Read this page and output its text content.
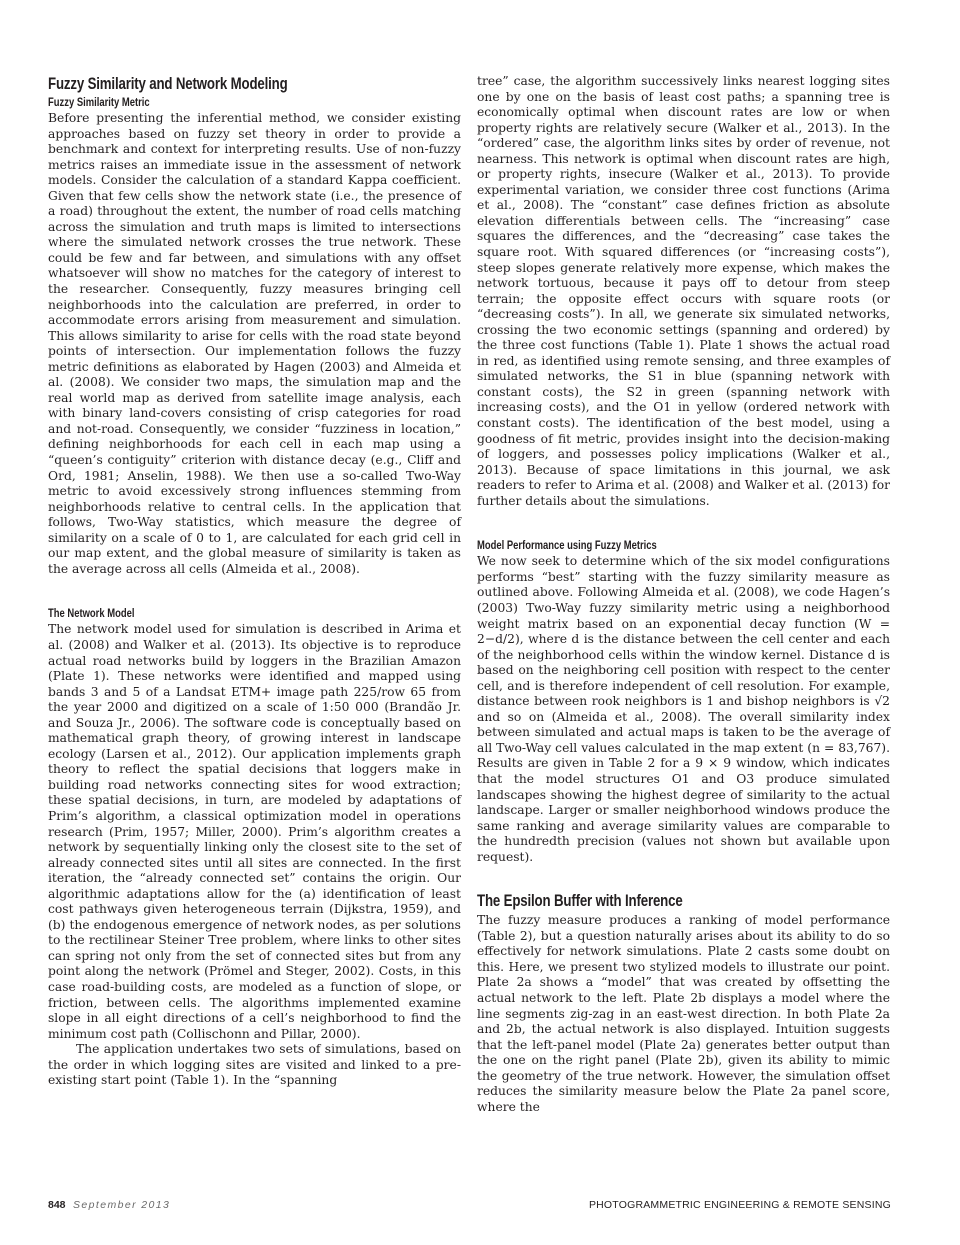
Fuzzy Similarity and Network Modeling
Fuzzy Similarity Metric

Before presenting the inferential method, we consider existing approaches based on fuzzy set theory in order to provide a benchmark and context for interpreting results. Use of non-fuzzy metrics raises an immediate issue in the assessment of network models. Consider the calculation of a standard Kappa coefficient. Given that few cells show the network state (i.e., the presence of a road) throughout the extent, the number of road cells matching across the simulation and truth maps is limited to intersections where the simulated network crosses the true network. These could be few and far between, and simulations with any offset whatsoever will show no matches for the category of interest to the researcher. Consequently, fuzzy measures bringing cell neighborhoods into the calculation are preferred, in order to accommodate errors arising from measurement and simulation. This allows similarity to arise for cells with the road state beyond points of intersection. Our implementation follows the fuzzy metric definitions as elaborated by Hagen (2003) and Almeida et al. (2008). We consider two maps, the simulation map and the real world map as derived from satellite image analysis, each with binary land-covers consisting of crisp categories for road and not-road. Consequently, we consider “fuzziness in location,” defining neighborhoods for each cell in each map using a “queen’s contiguity” criterion with distance decay (e.g., Cliff and Ord, 1981; Anselin, 1988). We then use a so-called Two-Way metric to avoid excessively strong influences stemming from neighborhoods relative to central cells. In the application that follows, Two-Way statistics, which measure the degree of similarity on a scale of 0 to 1, are calculated for each grid cell in our map extent, and the global measure of similarity is taken as the average across all cells (Almeida et al., 2008).

The Network Model

The network model used for simulation is described in Arima et al. (2008) and Walker et al. (2013). Its objective is to reproduce actual road networks build by loggers in the Brazilian Amazon (Plate 1). These networks were identified and mapped using bands 3 and 5 of a Landsat ETM+ image path 225/row 65 from the year 2000 and digitized on a scale of 1:50 000 (Brandão Jr. and Souza Jr., 2006). The software code is conceptually based on mathematical graph theory, of growing interest in landscape ecology (Larsen et al., 2012). Our application implements graph theory to reflect the spatial decisions that loggers make in building road networks connecting sites for wood extraction; these spatial decisions, in turn, are modeled by adaptations of Prim’s algorithm, a classical optimization model in operations research (Prim, 1957; Miller, 2000). Prim’s algorithm creates a network by sequentially linking only the closest site to the set of already connected sites until all sites are connected. In the first iteration, the “already connected set” contains the origin. Our algorithmic adaptations allow for the (a) identification of least cost pathways given heterogeneous terrain (Dijkstra, 1959), and (b) the endogenous emergence of network nodes, as per solutions to the rectilinear Steiner Tree problem, where links to other sites can spring not only from the set of connected sites but from any point along the network (Prömel and Steger, 2002). Costs, in this case road-building costs, are modeled as a function of slope, or friction, between cells. The algorithms implemented examine slope in all eight directions of a cell’s neighborhood to find the minimum cost path (Collischonn and Pillar, 2000).

The application undertakes two sets of simulations, based on the order in which logging sites are visited and linked to a pre-existing start point (Table 1). In the “spanning

tree” case, the algorithm successively links nearest logging sites one by one on the basis of least cost paths; a spanning tree is economically optimal when discount rates are low or when property rights are relatively secure (Walker et al., 2013). In the “ordered” case, the algorithm links sites by order of revenue, not nearness. This network is optimal when discount rates are high, or property rights, insecure (Walker et al., 2013). To provide experimental variation, we consider three cost functions (Arima et al., 2008). The “constant” case defines friction as absolute elevation differentials between cells. The “increasing” case squares the differences, and the “decreasing” case takes the square root. With squared differences (or “increasing costs”), steep slopes generate relatively more expense, which makes the network tortuous, because it pays off to detour from steep terrain; the opposite effect occurs with square roots (or “decreasing costs”). In all, we generate six simulated networks, crossing the two economic settings (spanning and ordered) by the three cost functions (Table 1). Plate 1 shows the actual road in red, as identified using remote sensing, and three examples of simulated networks, the S1 in blue (spanning network with constant costs), the S2 in green (spanning network with increasing costs), and the O1 in yellow (ordered network with constant costs). The identification of the best model, using a goodness of fit metric, provides insight into the decision-making of loggers, and possesses policy implications (Walker et al., 2013). Because of space limitations in this journal, we ask readers to refer to Arima et al. (2008) and Walker et al. (2013) for further details about the simulations.

Model Performance using Fuzzy Metrics

We now seek to determine which of the six model configurations performs “best” starting with the fuzzy similarity measure as outlined above. Following Almeida et al. (2008), we code Hagen’s (2003) Two-Way fuzzy similarity metric using a neighborhood weight matrix based on an exponential decay function (W = 2−d/2), where d is the distance between the cell center and each of the neighborhood cells within the window kernel. Distance d is based on the neighboring cell position with respect to the center cell, and is therefore independent of cell resolution. For example, distance between rook neighbors is 1 and bishop neighbors is √2 and so on (Almeida et al., 2008). The overall similarity index between simulated and actual maps is taken to be the average of all Two-Way cell values calculated in the map extent (n = 83,767). Results are given in Table 2 for a 9 × 9 window, which indicates that the model structures O1 and O3 produce simulated landscapes showing the highest degree of similarity to the actual landscape. Larger or smaller neighborhood windows produce the same ranking and average similarity values are comparable to the hundredth precision (values not shown but available upon request).

The Epsilon Buffer with Inference

The fuzzy measure produces a ranking of model performance (Table 2), but a question naturally arises about its ability to do so effectively for network simulations. Plate 2 casts some doubt on this. Here, we present two stylized models to illustrate our point. Plate 2a shows a “model” that was created by offsetting the actual network to the left. Plate 2b displays a model where the line segments zig-zag in an east-west direction. In both Plate 2a and 2b, the actual network is also displayed. Intuition suggests that the left-panel model (Plate 2a) generates better output than the one on the right panel (Plate 2b), given its ability to mimic the geometry of the true network. However, the simulation offset reduces the similarity measure below the Plate 2a panel score, where the

848 September 2013	PHOTOGRAMMETRIC ENGINEERING & REMOTE SENSING
